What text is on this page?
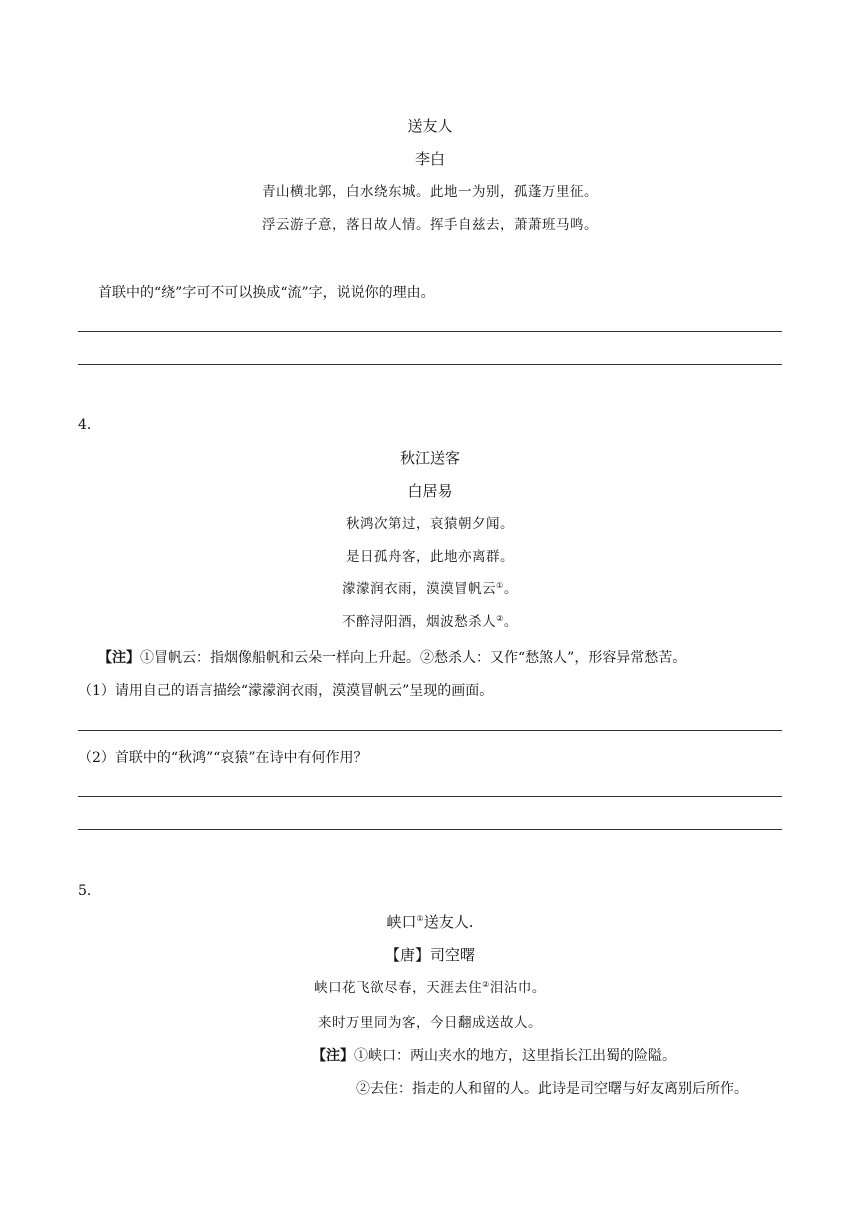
送友人
李白
青山横北郭，白水绕东城。此地一为别，孤蓬万里征。
浮云游子意，落日故人情。挥手自兹去，萧萧班马鸣。
首联中的“绕”字可不可以换成“流”字，说说你的理由。
4．
秋江送客
白居易
秋鸿次第过，哀猿朝夕闻。
是日孤舟客，此地亦离群。
濛濛润衣雨，漠漠冒帆云①。
不醉浔阳酒，烟波愁杀人②。
【注】①冒帆云：指烟像船帆和云朵一样向上升起。②愁杀人：又作“愁煞人”，形容异常愁苦。
（1）请用自己的语言描绘“濛濛润衣雨，漠漠冒帆云”呈现的画面。
（2）首联中的“秋鸿”“哀猿”在诗中有何作用？
5．
峡口①送友人.
【唐】司空曙
峡口花飞欲尽春，天涯去住②泪沾巾。
来时万里同为客，今日翻成送故人。
【注】①峡口：两山夹水的地方，这里指长江出蜀的险隘。
②去住：指走的人和留的人。此诗是司空曙与好友离别后所作。
